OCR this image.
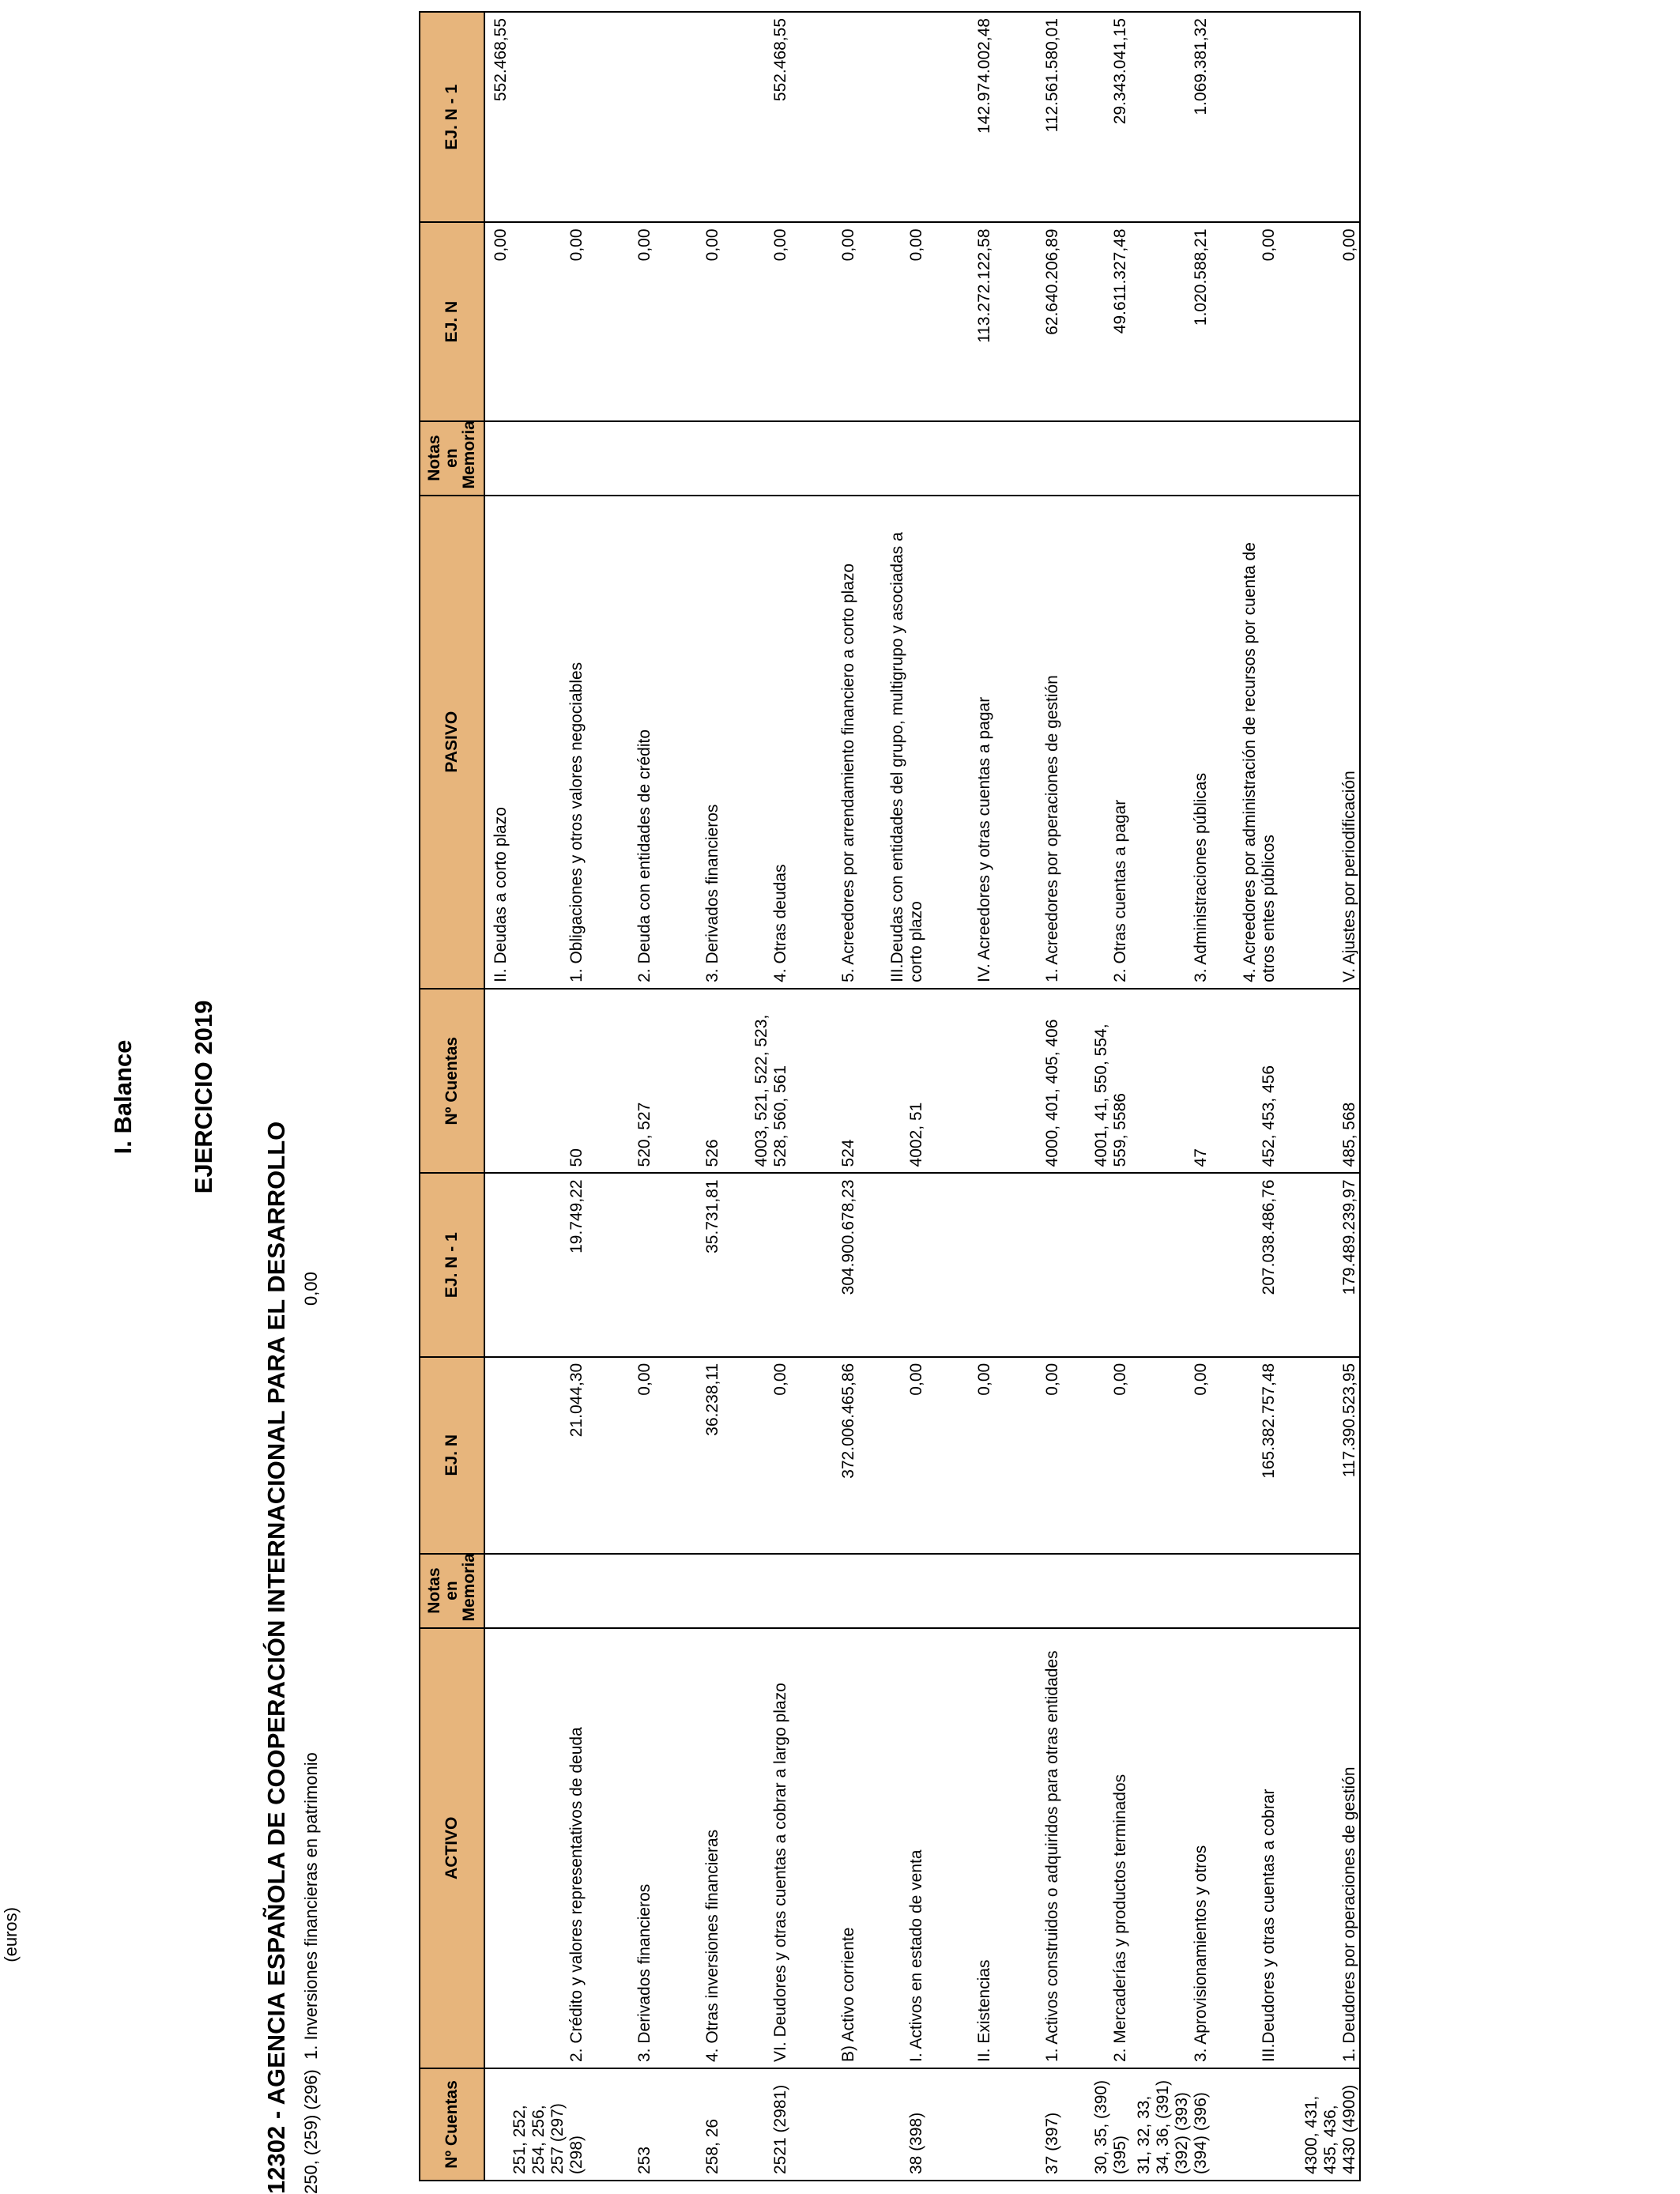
(euros)
I. Balance EJERCICIO 2019
12302 - AGENCIA ESPAÑOLA DE COOPERACIÓN INTERNACIONAL PARA EL DESARROLLO 250, (259) (296)
1. Inversiones financieras en patrimonio
0,00
Nº Cuentas	ACTIVO	Notas en Memoria	EJ. N	EJ. N - 1	Nº Cuentas	PASIVO	Notas en Memoria	EJ. N	EJ. N - 1
						II. Deudas a corto plazo		0,00	552.468,55
251, 252, 254, 256, 257 (297) (298)	2. Crédito y valores representativos de deuda		21.044,30	19.749,22	50	1. Obligaciones y otros valores negociables		0,00	
253	3. Derivados financieros		0,00		520, 527	2. Deuda con entidades de crédito		0,00	
258, 26	4. Otras inversiones financieras		36.238,11	35.731,81	526	3. Derivados financieros		0,00	
2521 (2981)	VI. Deudores y otras cuentas a cobrar a largo plazo		0,00		4003, 521, 522, 523, 528, 560, 561	4. Otras deudas		0,00	552.468,55
	B) Activo corriente		372.006.465,86	304.900.678,23	524	5. Acreedores por arrendamiento financiero a corto plazo		0,00	
38 (398)	I. Activos en estado de venta		0,00		4002, 51	III.Deudas con entidades del grupo, multigrupo y asociadas a corto plazo		0,00	
	II. Existencias		0,00			IV. Acreedores y otras cuentas a pagar		113.272.122,58	142.974.002,48
37 (397)	1. Activos construidos o adquiridos para otras entidades		0,00		4000, 401, 405, 406	1. Acreedores por operaciones de gestión		62.640.206,89	112.561.580,01
30, 35, (390) (395)	2. Mercaderías y productos terminados		0,00		4001, 41, 550, 554, 559, 5586	2. Otras cuentas a pagar		49.611.327,48	29.343.041,15
31, 32, 33, 34, 36, (391) (392) (393) (394) (396)	3. Aprovisionamientos y otros		0,00		47	3. Administraciones públicas		1.020.588,21	1.069.381,32
	III.Deudores y otras cuentas a cobrar		165.382.757,48	207.038.486,76	452, 453, 456	4. Acreedores por administración de recursos por cuenta de otros entes públicos		0,00	
4300, 431, 435, 436, 4430 (4900)	1. Deudores por operaciones de gestión		117.390.523,95	179.489.239,97	485, 568	V. Ajustes por periodificación		0,00	
